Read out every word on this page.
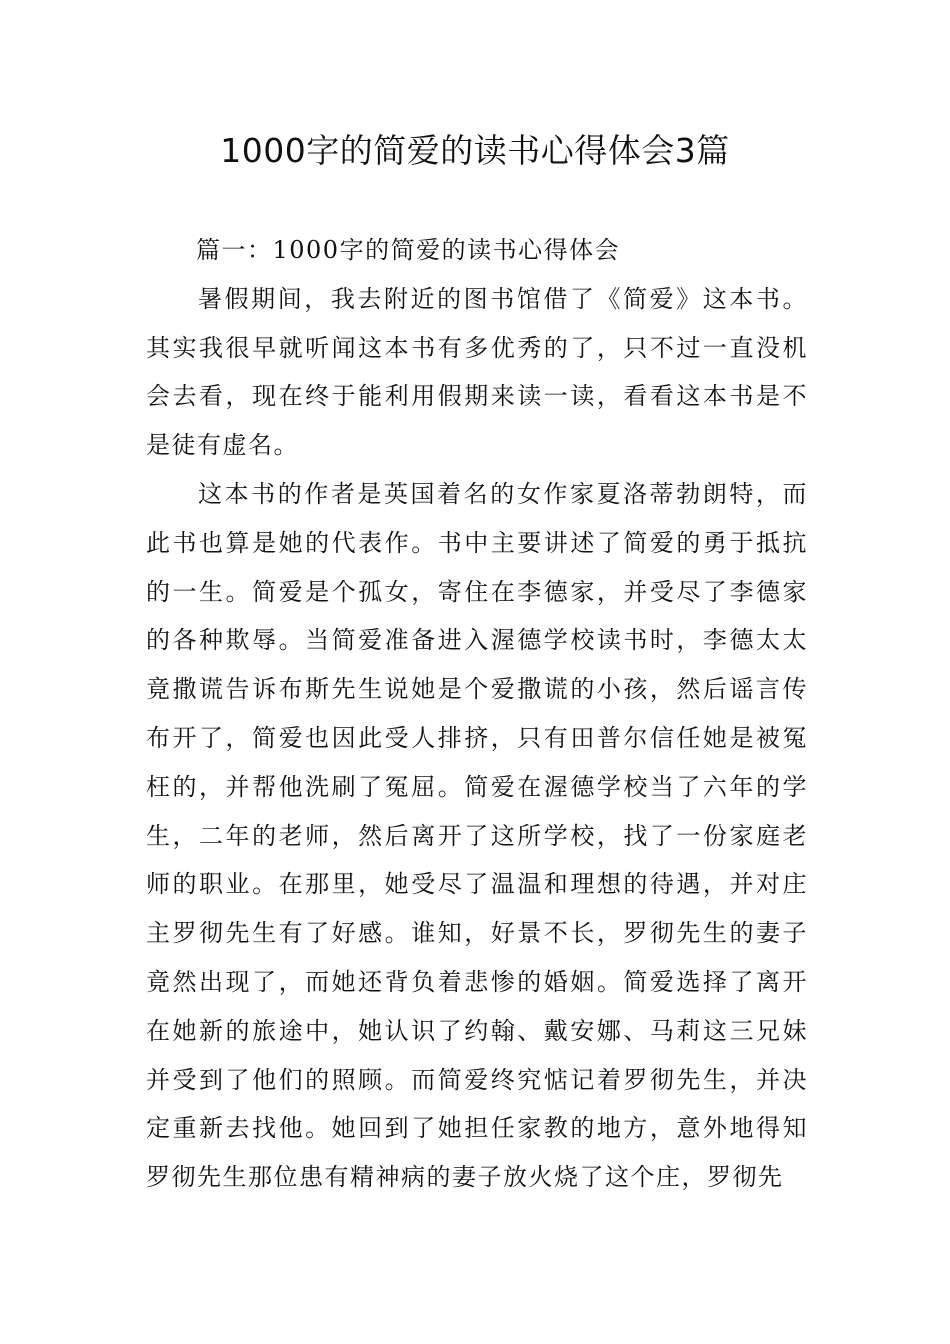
1000字的简爱的读书心得体会3篇

篇一：1000字的简爱的读书心得体会

暑假期间，我去附近的图书馆借了《简爱》这本书。其实我很早就听闻这本书有多优秀的了，只不过一直没机会去看，现在终于能利用假期来读一读，看看这本书是不是徒有虚名。

这本书的作者是英国着名的女作家夏洛蒂勃朗特，而此书也算是她的代表作。书中主要讲述了简爱的勇于抵抗的一生。简爱是个孤女，寄住在李德家，并受尽了李德家的各种欺辱。当简爱准备进入渥德学校读书时，李德太太竟撒谎告诉布斯先生说她是个爱撒谎的小孩，然后谣言传布开了，简爱也因此受人排挤，只有田普尔信任她是被冤枉的，并帮他洗刷了冤屈。简爱在渥德学校当了六年的学生，二年的老师，然后离开了这所学校，找了一份家庭老师的职业。在那里，她受尽了温温和理想的待遇，并对庄主罗彻先生有了好感。谁知，好景不长，罗彻先生的妻子竟然出现了，而她还背负着悲惨的婚姻。简爱选择了离开在她新的旅途中，她认识了约翰、戴安娜、马莉这三兄妹并受到了他们的照顾。而简爱终究惦记着罗彻先生，并决定重新去找他。她回到了她担任家教的地方，意外地得知罗彻先生那位患有精神病的妻子放火烧了这个庄，罗彻先
